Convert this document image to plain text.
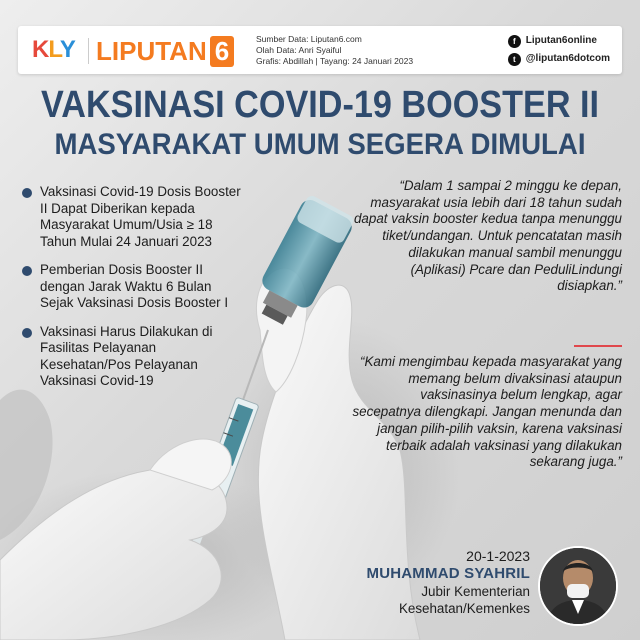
KLY LIPUTAN 6	Sumber Data: Liputan6.com
Olah Data: Anri Syaiful
Grafis: Abdillah | Tayang: 24 Januari 2023
f	Liputan6online
t	@liputan6dotcom
VAKSINASI COVID-19 BOOSTER II
MASYARAKAT UMUM SEGERA DIMULAI
Vaksinasi Covid-19 Dosis Booster II Dapat Diberikan kepada Masyarakat Umum/Usia ≥ 18 Tahun Mulai 24 Januari 2023
Pemberian Dosis Booster II dengan Jarak Waktu 6 Bulan Sejak Vaksinasi Dosis Booster I
Vaksinasi Harus Dilakukan di Fasilitas Pelayanan Kesehatan/Pos Pelayanan Vaksinasi Covid-19
“Dalam 1 sampai 2 minggu ke depan, masyarakat usia lebih dari 18 tahun sudah dapat vaksin booster kedua tanpa menunggu tiket/undangan. Untuk pencatatan masih dilakukan manual sambil menunggu (Aplikasi) Pcare dan PeduliLindungi disiapkan.”
“Kami mengimbau kepada masyarakat yang memang belum divaksinasi ataupun vaksinasinya belum lengkap, agar secepatnya dilengkapi. Jangan menunda dan jangan pilih-pilih vaksin, karena vaksinasi terbaik adalah vaksinasi yang dilakukan sekarang juga.”
20-1-2023
MUHAMMAD SYAHRIL
Jubir Kementerian
Kesehatan/Kemenkes
